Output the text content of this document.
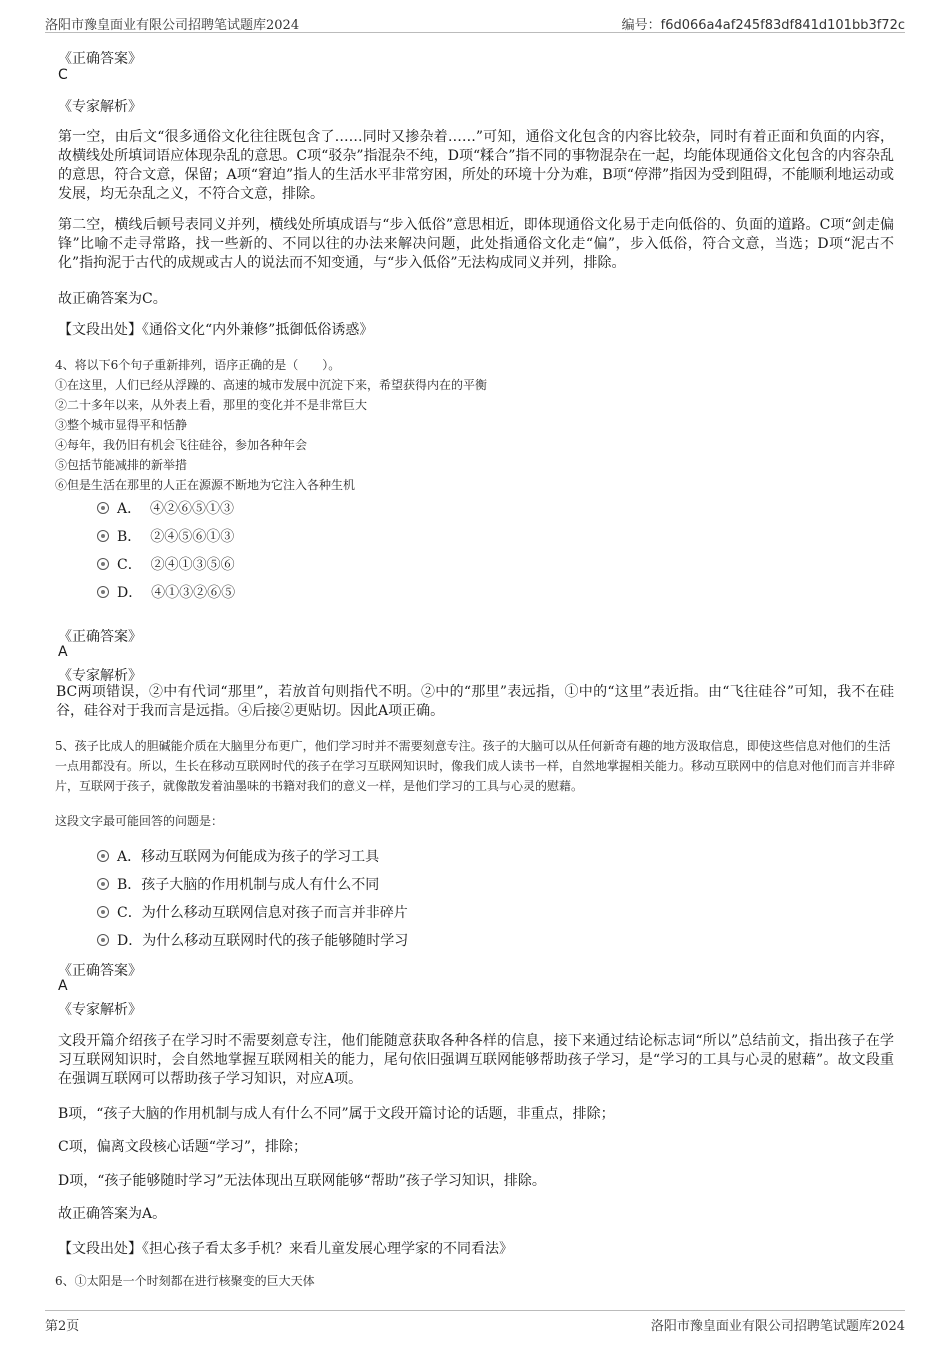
洛阳市豫皇面业有限公司招聘笔试题库2024	编号：f6d066a4af245f83df841d101bb3f72c
《正确答案》
C
《专家解析》
第一空，由后文“很多通俗文化往往既包含了……同时又掺杂着……”可知，通俗文化包含的内容比较杂，同时有着正面和负面的内容，故横线处所填词语应体现杂乱的意思。C项“驳杂”指混杂不纯，D项“糅合”指不同的事物混杂在一起，均能体现通俗文化包含的内容杂乱的意思，符合文意，保留；A项“窘迫”指人的生活水平非常穷困，所处的环境十分为难，B项“停滞”指因为受到阻碍，不能顺利地运动或发展，均无杂乱之义，不符合文意，排除。
第二空，横线后顿号表同义并列，横线处所填成语与“步入低俗”意思相近，即体现通俗文化易于走向低俗的、负面的道路。C项“剑走偏锋”比喻不走寻常路，找一些新的、不同以往的办法来解决问题，此处指通俗文化走“偏”，步入低俗，符合文意，当选；D项“泥古不化”指拘泥于古代的成规或古人的说法而不知变通，与“步入低俗”无法构成同义并列，排除。
故正确答案为C。
【文段出处】《通俗文化“内外兼修”抵御低俗诱惑》
4、将以下6个句子重新排列，语序正确的是（　　）。
①在这里，人们已经从浮躁的、高速的城市发展中沉淀下来，希望获得内在的平衡
②二十多年以来，从外表上看，那里的变化并不是非常巨大
③整个城市显得平和恬静
④每年，我仍旧有机会飞往硅谷，参加各种年会
⑤包括节能减排的新举措
⑥但是生活在那里的人正在源源不断地为它注入各种生机
A． ④②⑥⑤①③
B． ②④⑤⑥①③
C． ②④①③⑤⑥
D． ④①③②⑥⑤
《正确答案》
A
《专家解析》
BC两项错误，②中有代词“那里”，若放首句则指代不明。②中的“那里”表远指，①中的“这里”表近指。由“飞往硅谷”可知，我不在硅谷，硅谷对于我而言是远指。④后接②更贴切。因此A项正确。
5、孩子比成人的胆碱能介质在大脑里分布更广，他们学习时并不需要刻意专注。孩子的大脑可以从任何新奇有趣的地方汲取信息，即使这些信息对他们的生活一点用都没有。所以，生长在移动互联网时代的孩子在学习互联网知识时，像我们成人读书一样，自然地掌握相关能力。移动互联网中的信息对他们而言并非碎片，互联网于孩子，就像散发着油墨味的书籍对我们的意义一样，是他们学习的工具与心灵的慰藉。
这段文字最可能回答的问题是：
A．移动互联网为何能成为孩子的学习工具
B．孩子大脑的作用机制与成人有什么不同
C．为什么移动互联网信息对孩子而言并非碎片
D．为什么移动互联网时代的孩子能够随时学习
《正确答案》
A
《专家解析》
文段开篇介绍孩子在学习时不需要刻意专注，他们能随意获取各种各样的信息，接下来通过结论标志词“所以”总结前文，指出孩子在学习互联网知识时，会自然地掌握互联网相关的能力，尾句依旧强调互联网能够帮助孩子学习，是“学习的工具与心灵的慰藉”。故文段重在强调互联网可以帮助孩子学习知识，对应A项。
B项，“孩子大脑的作用机制与成人有什么不同”属于文段开篇讨论的话题，非重点，排除；
C项，偏离文段核心话题“学习”，排除；
D项，“孩子能够随时学习”无法体现出互联网能够“帮助”孩子学习知识，排除。
故正确答案为A。
【文段出处】《担心孩子看太多手机？来看儿童发展心理学家的不同看法》
6、①太阳是一个时刻都在进行核聚变的巨大天体
第2页	洛阳市豫皇面业有限公司招聘笔试题库2024
